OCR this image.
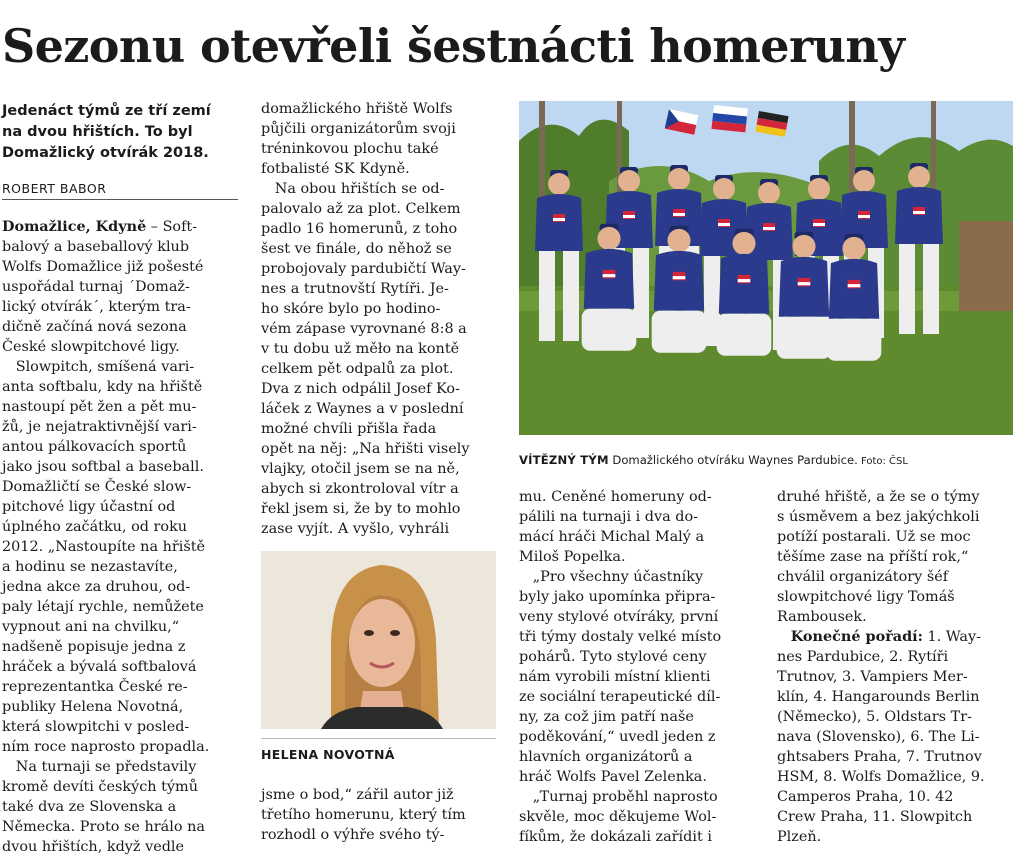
Sezonu otevřeli šestnácti homeruny
Jedenáct týmů ze tří zemí
na dvou hřištích. To byl
Domažlický otvírák 2018.
ROBERT BABOR
Domažlice, Kdyně – Soft-
balový a baseballový klub
Wolfs Domažlice již pošesté
uspořádal turnaj ´Domaž-
lický otvírák´, kterým tra-
dičně začíná nová sezona
České slowpitchové ligy.
Slowpitch, smíšená vari-
anta softbalu, kdy na hřiště
nastoupí pět žen a pět mu-
žů, je nejatraktivnější vari-
antou pálkovacích sportů
jako jsou softbal a baseball.
Domažličtí se České slow-
pitchové ligy účastní od
úplného začátku, od roku
2012. „Nastoupíte na hřiště
a hodinu se nezastavíte,
jedna akce za druhou, od-
paly létají rychle, nemůžete
vypnout ani na chvilku,“
nadšeně popisuje jedna z
hráček a bývalá softbalová
reprezentantka České re-
publiky Helena Novotná,
která slowpitchi v posled-
ním roce naprosto propadla.
Na turnaji se představily
kromě devíti českých týmů
také dva ze Slovenska a
Německa. Proto se hrálo na
dvou hřištích, když vedle
domažlického hřiště Wolfs
půjčili organizátorům svoji
tréninkovou plochu také
fotbalisté SK Kdyně.
Na obou hřištích se od-
palovalo až za plot. Celkem
padlo 16 homerunů, z toho
šest ve finále, do něhož se
probojovaly pardubičtí Way-
nes a trutnovští Rytíři. Je-
ho skóre bylo po hodino-
vém zápase vyrovnané 8:8 a
v tu dobu už měło na kontě
celkem pět odpalů za plot.
Dva z nich odpálil Josef Ko-
láček z Waynes a v poslední
možné chvíli přišla řada
opět na něj: „Na hřišti visely
vlajky, otočil jsem se na ně,
abych si zkontroloval vítr a
řekl jsem si, že by to mohlo
zase vyjít. A vyšlo, vyhráli
HELENA NOVOTNÁ
jsme o bod,“ zářil autor již
třetího homerunu, který tím
rozhodl o výhře svého tý-
VÍTĚZNÝ TÝM Domažlického otvíráku Waynes Pardubice. Foto: ČSL
mu. Ceněné homeruny od-
pálili na turnaji i dva do-
mácí hráči Michal Malý a
Miloš Popelka.
„Pro všechny účastníky
byly jako upomínka připra-
veny stylové otvíráky, první
tři týmy dostaly velké místo
pohárů. Tyto stylové ceny
nám vyrobili místní klienti
ze sociální terapeutické díl-
ny, za což jim patří naše
poděkování,“ uvedl jeden z
hlavních organizátorů a
hráč Wolfs Pavel Zelenka.
„Turnaj proběhl naprosto
skvěle, moc děkujeme Wol-
fíkům, že dokázali zařídit i
druhé hřiště, a že se o týmy
s úsměvem a bez jakýchkoli
potíží postarali. Už se moc
těšíme zase na příští rok,“
chválil organizátory šéf
slowpitchové ligy Tomáš
Rambousek.
Konečné pořadí: 1. Way-
nes Pardubice, 2. Rytíři
Trutnov, 3. Vampiers Mer-
klín, 4. Hangarounds Berlin
(Německo), 5. Oldstars Tr-
nava (Slovensko), 6. The Li-
ghtsabers Praha, 7. Trutnov
HSM, 8. Wolfs Domažlice, 9.
Camperos Praha, 10. 42
Crew Praha, 11. Slowpitch
Plzeň.
